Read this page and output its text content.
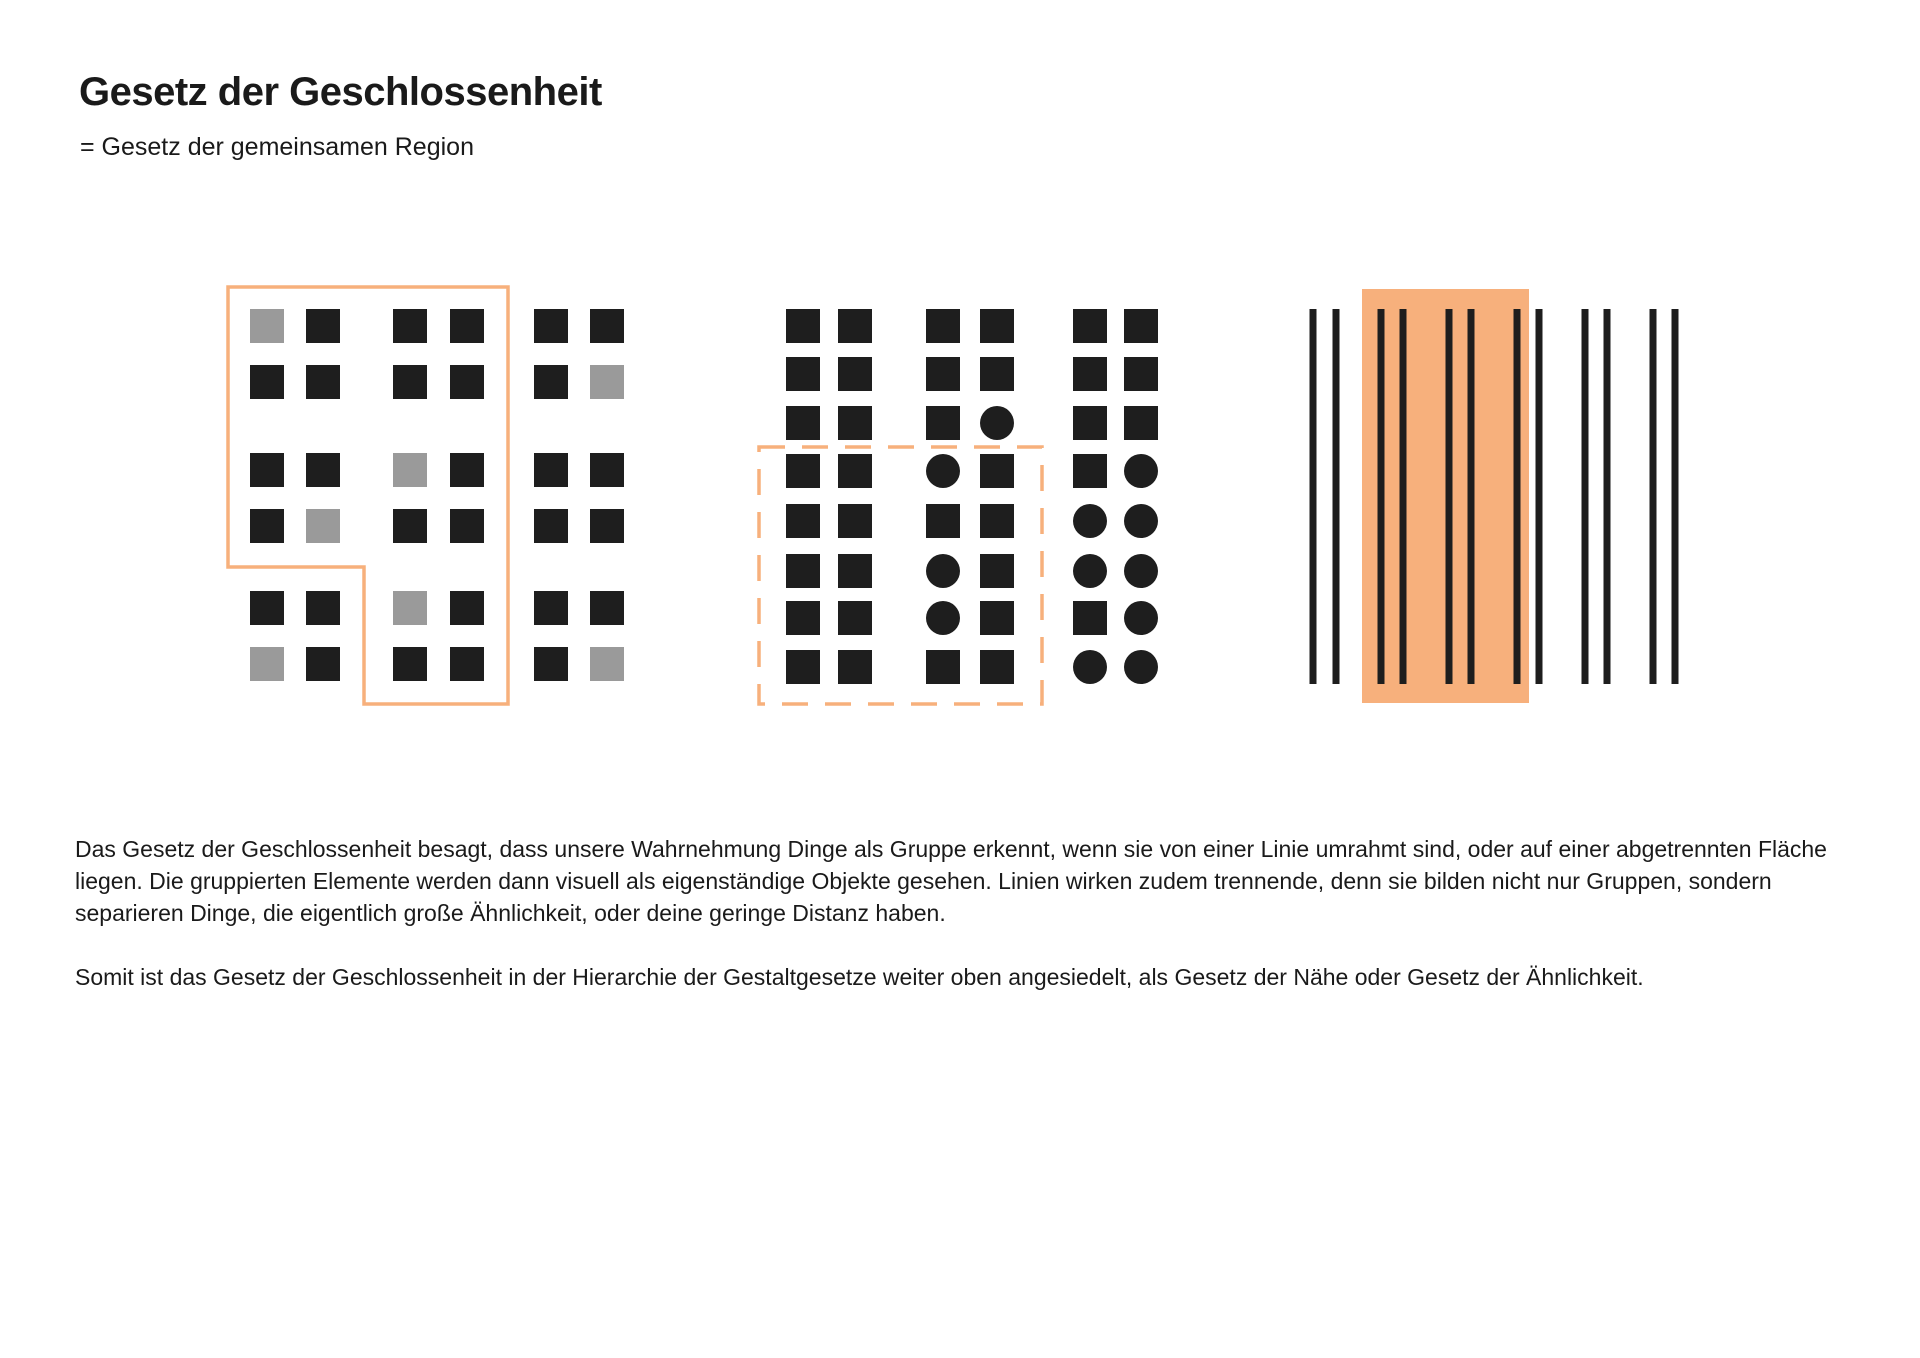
Gesetz der Geschlossenheit
= Gesetz der gemeinsamen Region

Das Gesetz der Geschlossenheit besagt, dass unsere Wahrnehmung Dinge als Gruppe erkennt, wenn sie von einer Linie umrahmt sind, oder auf einer abgetrennten Fläche liegen. Die gruppierten Elemente werden dann visuell als eigenständige Objekte gesehen. Linien wirken zudem trennende, denn sie bilden nicht nur Gruppen, sondern separieren Dinge, die eigentlich große Ähnlichkeit, oder deine geringe Distanz haben.

Somit ist das Gesetz der Geschlossenheit in der Hierarchie der Gestaltgesetze weiter oben angesiedelt, als Gesetz der Nähe oder Gesetz der Ähnlichkeit.
